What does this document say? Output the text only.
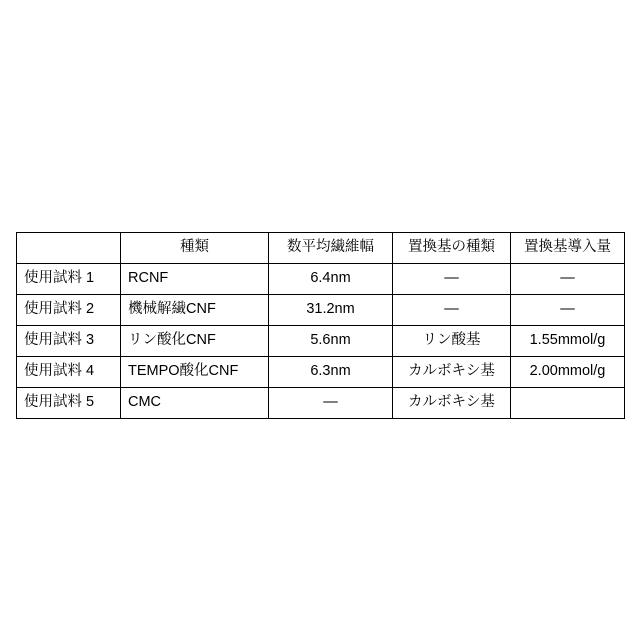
	種類	数平均繊維幅	置換基の種類	置換基導入量
使用試料 1	RCNF	6.4nm	—	—
使用試料 2	機械解繊CNF	31.2nm	—	—
使用試料 3	リン酸化CNF	5.6nm	リン酸基	1.55mmol/g
使用試料 4	TEMPO酸化CNF	6.3nm	カルボキシ基	2.00mmol/g
使用試料 5	CMC	—	カルボキシ基	
